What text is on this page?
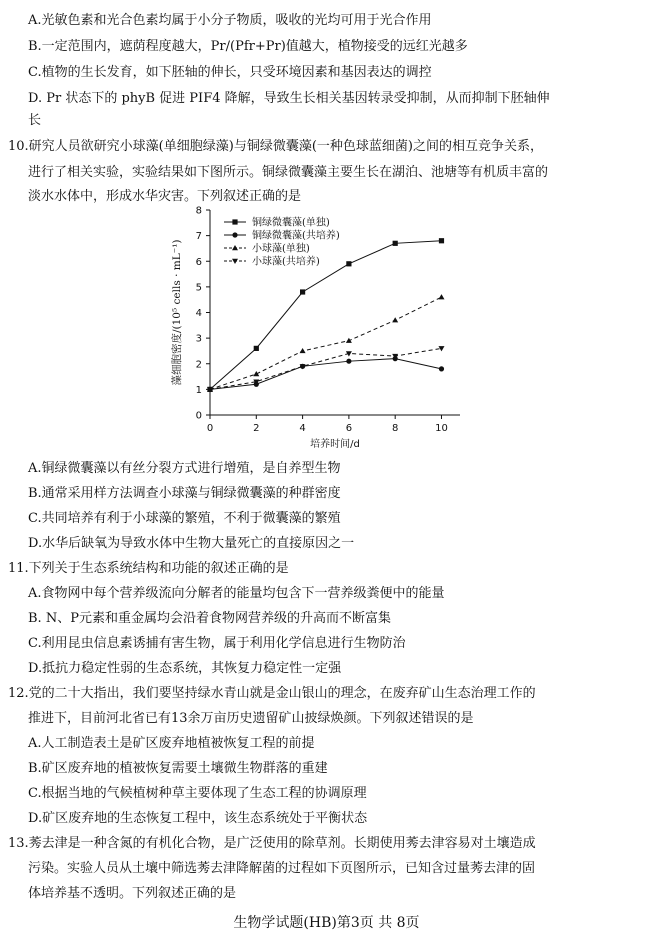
A.光敏色素和光合色素均属于小分子物质，吸收的光均可用于光合作用
B.一定范围内，遮荫程度越大，Pr/(Pfr+Pr)值越大，植物接受的远红光越多
C.植物的生长发育，如下胚轴的伸长，只受环境因素和基因表达的调控
D. Pr 状态下的 phyB 促进 PIF4 降解，导致生长相关基因转录受抑制，从而抑制下胚轴伸
长
10.研究人员欲研究小球藻(单细胞绿藻)与铜绿微囊藻(一种色球蓝细菌)之间的相互竞争关系，
进行了相关实验，实验结果如下图所示。铜绿微囊藻主要生长在湖泊、池塘等有机质丰富的
淡水水体中，形成水华灾害。下列叙述正确的是
0
1
2
3
4
5
6
7
8
0	2	4	6	8	10
培养时间/d
藻细胞密度/(10⁵ cells · mL⁻¹)
铜绿微囊藻(单独)
铜绿微囊藻(共培养)
小球藻(单独)
小球藻(共培养)
A.铜绿微囊藻以有丝分裂方式进行增殖，是自养型生物
B.通常采用样方法调查小球藻与铜绿微囊藻的种群密度
C.共同培养有利于小球藻的繁殖，不利于微囊藻的繁殖
D.水华后缺氧为导致水体中生物大量死亡的直接原因之一
11.下列关于生态系统结构和功能的叙述正确的是
A.食物网中每个营养级流向分解者的能量均包含下一营养级粪便中的能量
B. N、P元素和重金属均会沿着食物网营养级的升高而不断富集
C.利用昆虫信息素诱捕有害生物，属于利用化学信息进行生物防治
D.抵抗力稳定性弱的生态系统，其恢复力稳定性一定强
12.党的二十大指出，我们要坚持绿水青山就是金山银山的理念，在废弃矿山生态治理工作的
推进下，目前河北省已有13余万亩历史遗留矿山披绿焕颜。下列叙述错误的是
A.人工制造表土是矿区废弃地植被恢复工程的前提
B.矿区废弃地的植被恢复需要土壤微生物群落的重建
C.根据当地的气候植树种草主要体现了生态工程的协调原理
D.矿区废弃地的生态恢复工程中，该生态系统处于平衡状态
13.莠去津是一种含氮的有机化合物，是广泛使用的除草剂。长期使用莠去津容易对土壤造成
污染。实验人员从土壤中筛选莠去津降解菌的过程如下页图所示，已知含过量莠去津的固
体培养基不透明。下列叙述正确的是
生物学试题(HB)第3页 共 8页
